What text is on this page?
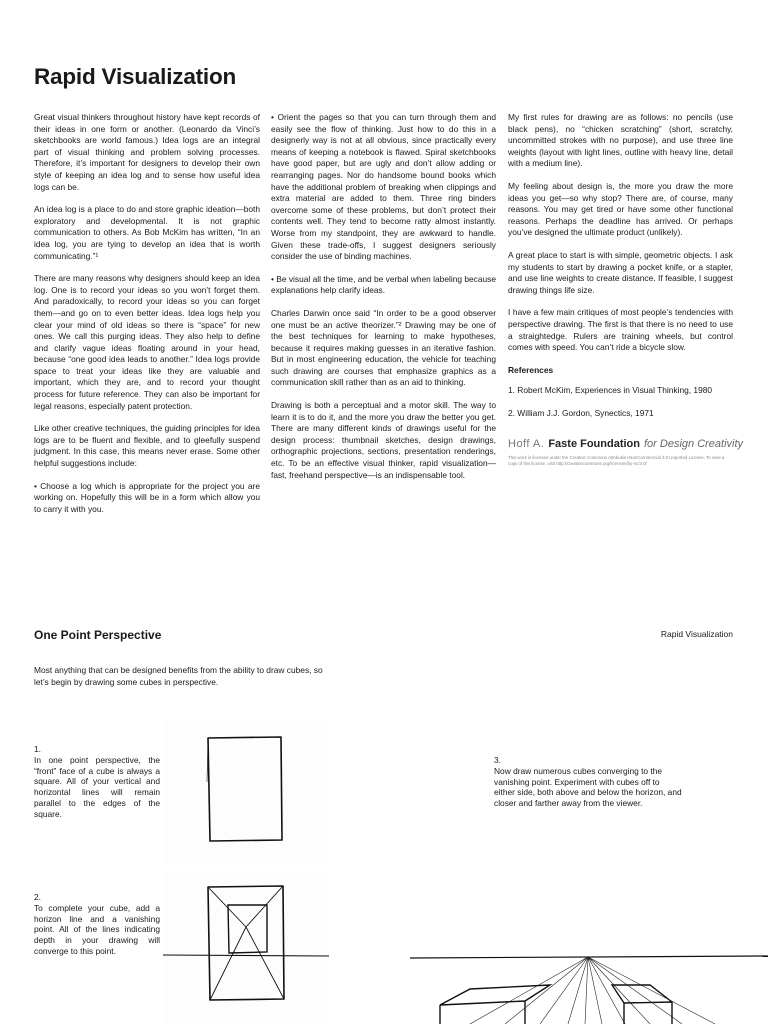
Rapid Visualization

Great visual thinkers throughout history have kept records of their ideas in one form or another. (Leonardo da Vinci’s sketchbooks are world famous.) Idea logs are an integral part of visual thinking and problem solving processes. Therefore, it’s important for designers to develop their own style of keeping an idea log and to sense how useful idea logs can be.

An idea log is a place to do and store graphic ideation—both exploratory and developmental. It is not graphic communication to others. As Bob McKim has written, “In an idea log, you are tying to develop an idea that is worth communicating.”¹

There are many reasons why designers should keep an idea log. One is to record your ideas so you won’t forget them. And paradoxically, to record your ideas so you can forget them—and go on to even better ideas. Idea logs help you clear your mind of old ideas so there is “space” for new ones. We call this purging ideas. They also help to define and clarify vague ideas floating around in your head, because “one good idea leads to another.” Idea logs provide space to treat your ideas like they are valuable and important, which they are, and to record your thought process for future reference. They can also be important for legal reasons, especially patent protection.

Like other creative techniques, the guiding principles for idea logs are to be fluent and flexible, and to gleefully suspend judgment. In this case, this means never erase. Some other helpful suggestions include:

• Choose a log which is appropriate for the project you are working on. Hopefully this will be in a form which allow you to carry it with you.

• Orient the pages so that you can turn through them and easily see the flow of thinking. Just how to do this in a designerly way is not at all obvious, since practically every means of keeping a notebook is flawed. Spiral sketchbooks have good paper, but are ugly and don’t allow adding or rearranging pages. Nor do handsome bound books which have the additional problem of breaking when clippings and extra material are added to them. Three ring binders overcome some of these problems, but don’t protect their contents well. They tend to become ratty almost instantly. Worse from my standpoint, they are awkward to handle. Given these trade-offs, I suggest designers seriously consider the use of binding machines.

• Be visual all the time, and be verbal when labeling because explanations help clarify ideas.

Charles Darwin once said “In order to be a good observer one must be an active theorizer.”² Drawing may be one of the best techniques for learning to make hypotheses, because it requires making guesses in an iterative fashion. But in most engineering education, the vehicle for teaching such drawing are courses that emphasize graphics as a communication skill rather than as an aid to thinking.

Drawing is both a perceptual and a motor skill. The way to learn it is to do it, and the more you draw the better you get. There are many different kinds of drawings useful for the design process: thumbnail sketches, design drawings, orthographic projections, sections, presentation renderings, etc. To be an effective visual thinker, rapid visualization—fast, freehand perspective—is an indispensable tool.

My first rules for drawing are as follows: no pencils (use black pens), no “chicken scratching” (short, scratchy, uncommitted strokes with no purpose), and use three line weights (layout with light lines, outline with heavy line, detail with a medium line).

My feeling about design is, the more you draw the more ideas you get—so why stop? There are, of course, many reasons. You may get tired or have some other functional reasons. Perhaps the deadline has arrived. Or perhaps you’ve designed the ultimate product (unlikely).

A great place to start is with simple, geometric objects. I ask my students to start by drawing a pocket knife, or a stapler, and use line weights to create distance. If feasible, I suggest drawing things life size.

I have a few main critiques of most people’s tendencies with perspective drawing. The first is that there is no need to use a straightedge. Rulers are training wheels, but control comes with speed. You can’t ride a bicycle slow.

References
1. Robert McKim, Experiences in Visual Thinking, 1980
2. William J.J. Gordon, Synectics, 1971
Hoff A. Faste Foundation for Design Creativity
This work is licensed under the Creative Commons Attribution-NonCommercial 3.0 Unported License. To view a copy of this license, visit http://creativecommons.org/licenses/by-nc/3.0/
One Point Perspective	Rapid Visualization
Most anything that can be designed benefits from the ability to draw cubes, so let’s begin by drawing some cubes in perspective.
1.
In one point perspective, the “front” face of a cube is always a square. All of your vertical and horizontal lines will remain parallel to the edges of the square.
2.
To complete your cube, add a horizon line and a vanishing point. All of the lines indicating depth in your drawing will converge to this point.
3.
Now draw numerous cubes converging to the vanishing point. Experiment with cubes off to either side, both above and below the horizon, and closer and farther away from the viewer.
